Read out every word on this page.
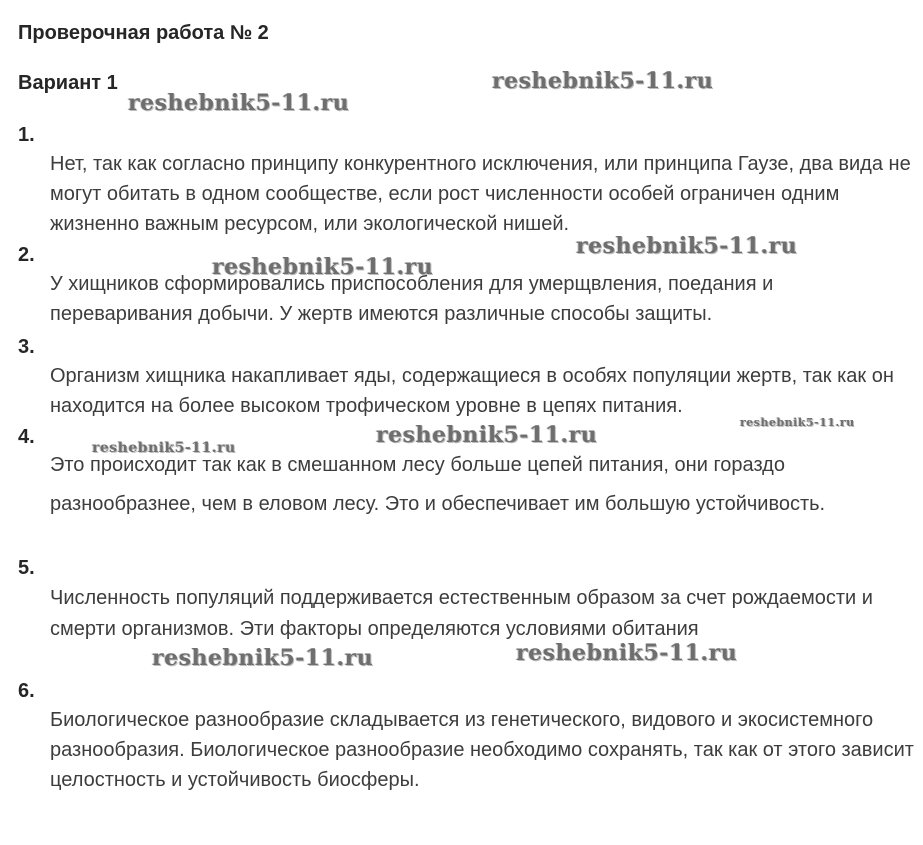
Проверочная работа № 2
Вариант 1
1.

Нет, так как согласно принципу конкурентного исключения, или принципа Гаузе, два вида не могут обитать в одном сообществе, если рост численности особей ограничен одним жизненно важным ресурсом, или экологической нишей.

2.

У хищников сформировались приспособления для умерщвления, поедания и переваривания добычи. У жертв имеются различные способы защиты.

3.

Организм хищника накапливает яды, содержащиеся в особях популяции жертв, так как он находится на более высоком трофическом уровне в цепях питания.

4.

Это происходит так как в смешанном лесу больше цепей питания, они гораздо разнообразнее, чем в еловом лесу. Это и обеспечивает им большую устойчивость.

5.

Численность популяций поддерживается естественным образом за счет рождаемости и смерти организмов. Эти факторы определяются условиями обитания

6.

Биологическое разнообразие складывается из генетического, видового и экосистемного разнообразия. Биологическое разнообразие необходимо сохранять, так как от этого зависит целостность и устойчивость биосферы.

reshebnik5-11.ru
reshebnik5-11.ru
reshebnik5-11.ru
reshebnik5-11.ru
reshebnik5-11.ru	reshebnik5-11.ru	reshebnik5-11.ru
reshebnik5-11.ru	reshebnik5-11.ru
